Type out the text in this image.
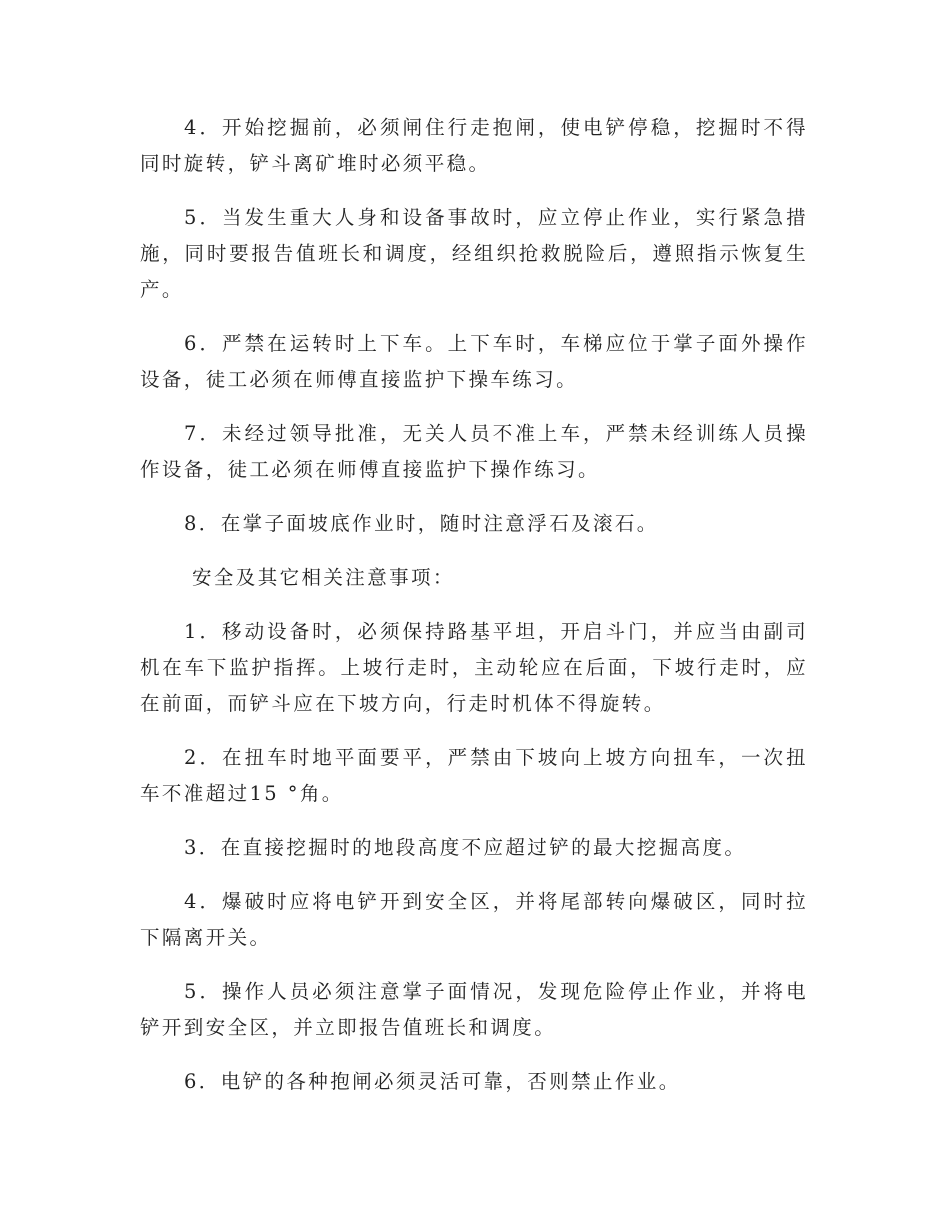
4．开始挖掘前，必须闸住行走抱闸，使电铲停稳，挖掘时不得同时旋转，铲斗离矿堆时必须平稳。

5．当发生重大人身和设备事故时，应立停止作业，实行紧急措施，同时要报告值班长和调度，经组织抢救脱险后，遵照指示恢复生产。

6．严禁在运转时上下车。上下车时，车梯应位于掌子面外操作设备，徒工必须在师傅直接监护下操车练习。

7．未经过领导批准，无关人员不准上车，严禁未经训练人员操作设备，徒工必须在师傅直接监护下操作练习。

8．在掌子面坡底作业时，随时注意浮石及滚石。

安全及其它相关注意事项：

1．移动设备时，必须保持路基平坦，开启斗门，并应当由副司机在车下监护指挥。上坡行走时，主动轮应在后面，下坡行走时，应在前面，而铲斗应在下坡方向，行走时机体不得旋转。

2．在扭车时地平面要平，严禁由下坡向上坡方向扭车，一次扭车不准超过15 °角。

3．在直接挖掘时的地段高度不应超过铲的最大挖掘高度。

4．爆破时应将电铲开到安全区，并将尾部转向爆破区，同时拉下隔离开关。

5．操作人员必须注意掌子面情况，发现危险停止作业，并将电铲开到安全区，并立即报告值班长和调度。

6．电铲的各种抱闸必须灵活可靠，否则禁止作业。
